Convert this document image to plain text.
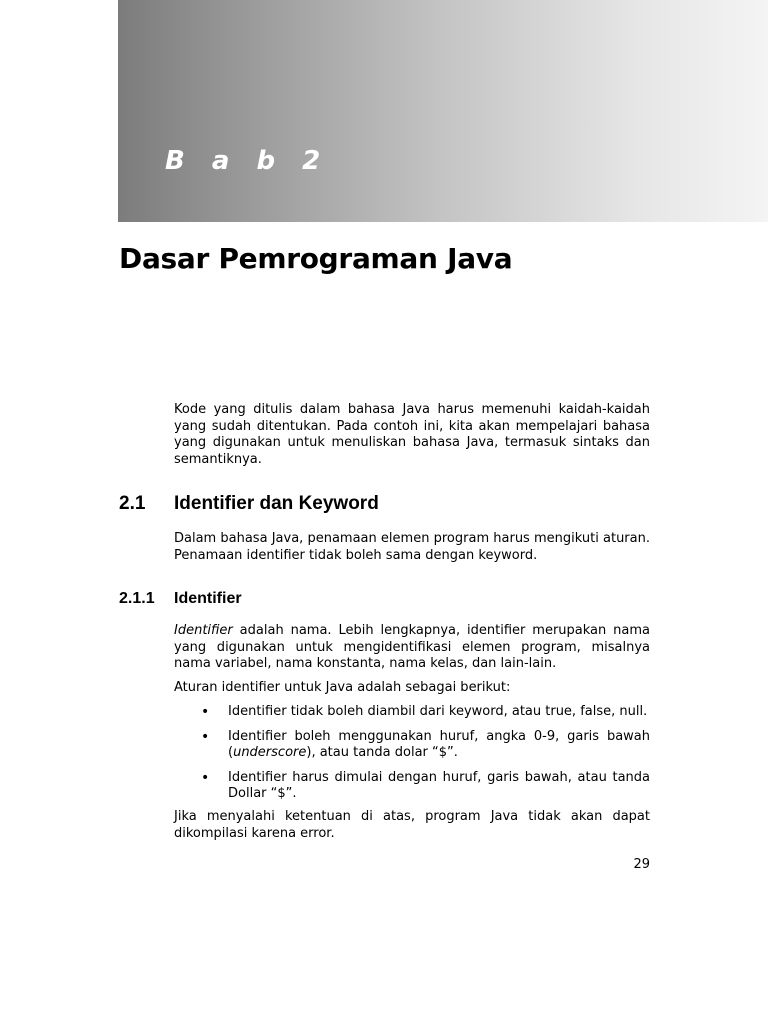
B a b 2
Dasar Pemrograman Java

Kode yang ditulis dalam bahasa Java harus memenuhi kaidah-kaidah yang sudah ditentukan. Pada contoh ini, kita akan mempelajari bahasa yang digunakan untuk menuliskan bahasa Java, termasuk sintaks dan semantiknya.

2.1 Identifier dan Keyword

Dalam bahasa Java, penamaan elemen program harus mengikuti aturan. Penamaan identifier tidak boleh sama dengan keyword.

2.1.1 Identifier

Identifier adalah nama. Lebih lengkapnya, identifier merupakan nama yang digunakan untuk mengidentifikasi elemen program, misalnya nama variabel, nama konstanta, nama kelas, dan lain-lain.

Aturan identifier untuk Java adalah sebagai berikut:

• Identifier tidak boleh diambil dari keyword, atau true, false, null.
• Identifier boleh menggunakan huruf, angka 0-9, garis bawah (underscore), atau tanda dolar “$”.
• Identifier harus dimulai dengan huruf, garis bawah, atau tanda Dollar “$”.

Jika menyalahi ketentuan di atas, program Java tidak akan dapat dikompilasi karena error.

29
